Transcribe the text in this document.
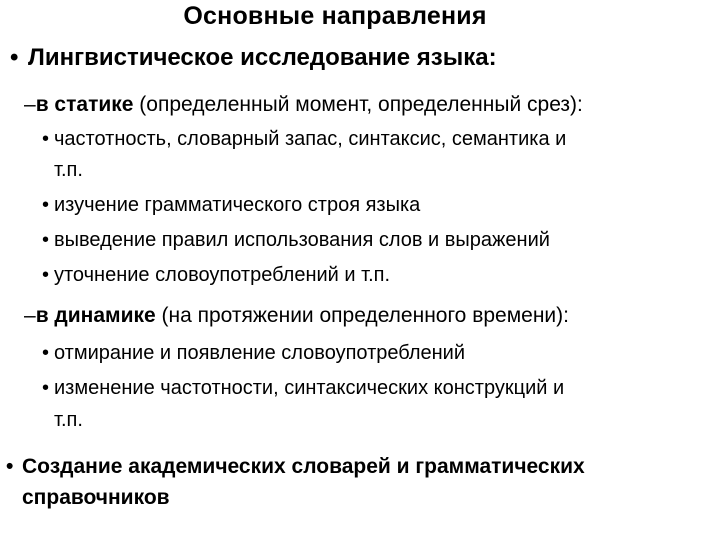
Основные направления
• Лингвистическое исследование языка:
–в статике (определенный момент, определенный срез):
• частотность, словарный запас, синтаксис, семантика и
т.п.
• изучение грамматического строя языка
• выведение правил использования слов и выражений
• уточнение словоупотреблений и т.п.
–в динамике (на протяжении определенного времени):
• отмирание и появление словоупотреблений
• изменение частотности, синтаксических конструкций и
т.п.
• Создание академических словарей и грамматических
справочников
